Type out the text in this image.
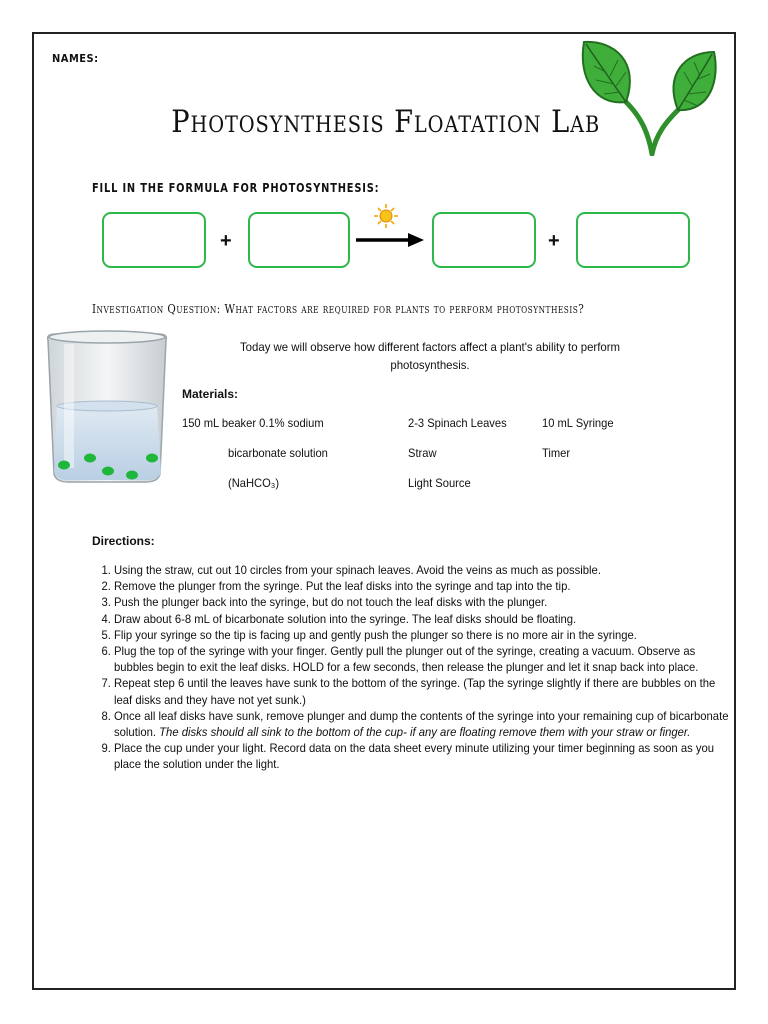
NAMES:
Photosynthesis Floatation Lab
FILL IN THE FORMULA FOR PHOTOSYNTHESIS:
+	+
Investigation Question: What factors are required for plants to perform photosynthesis?
Today we will observe how different factors affect a plant's ability to perform photosynthesis.
Materials:
150 mL beaker 0.1% sodium
bicarbonate solution
(NaHCO₃)
2-3 Spinach Leaves
Straw
Light Source
10 mL Syringe
Timer
Directions:
1. Using the straw, cut out 10 circles from your spinach leaves. Avoid the veins as much as possible.
2. Remove the plunger from the syringe. Put the leaf disks into the syringe and tap into the tip.
3. Push the plunger back into the syringe, but do not touch the leaf disks with the plunger.
4. Draw about 6-8 mL of bicarbonate solution into the syringe. The leaf disks should be floating.
5. Flip your syringe so the tip is facing up and gently push the plunger so there is no more air in the syringe.
6. Plug the top of the syringe with your finger. Gently pull the plunger out of the syringe, creating a vacuum. Observe as bubbles begin to exit the leaf disks. HOLD for a few seconds, then release the plunger and let it snap back into place.
7. Repeat step 6 until the leaves have sunk to the bottom of the syringe. (Tap the syringe slightly if there are bubbles on the leaf disks and they have not yet sunk.)
8. Once all leaf disks have sunk, remove plunger and dump the contents of the syringe into your remaining cup of bicarbonate solution. The disks should all sink to the bottom of the cup- if any are floating remove them with your straw or finger.
9. Place the cup under your light. Record data on the data sheet every minute utilizing your timer beginning as soon as you place the solution under the light.
